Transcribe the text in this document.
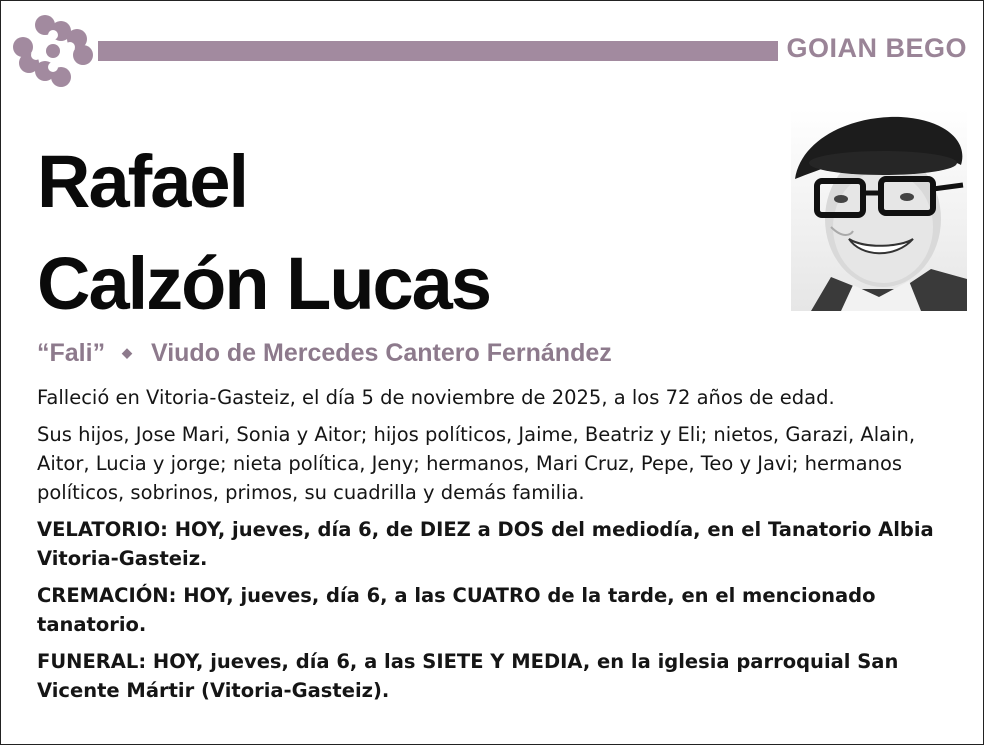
GOIAN BEGO
Rafael
Calzón Lucas
“Fali” ◆ Viudo de Mercedes Cantero Fernández

Falleció en Vitoria-Gasteiz, el día 5 de noviembre de 2025, a los 72 años de edad.

Sus hijos, Jose Mari, Sonia y Aitor; hijos políticos, Jaime, Beatriz y Eli; nietos, Garazi, Alain, Aitor, Lucia y jorge; nieta política, Jeny; hermanos, Mari Cruz, Pepe, Teo y Javi; hermanos políticos, sobrinos, primos, su cuadrilla y demás familia.

VELATORIO: HOY, jueves, día 6, de DIEZ a DOS del mediodía, en el Tanatorio Albia Vitoria-Gasteiz.

CREMACIÓN: HOY, jueves, día 6, a las CUATRO de la tarde, en el mencionado tanatorio.

FUNERAL: HOY, jueves, día 6, a las SIETE Y MEDIA, en la iglesia parroquial San Vicente Mártir (Vitoria-Gasteiz).
